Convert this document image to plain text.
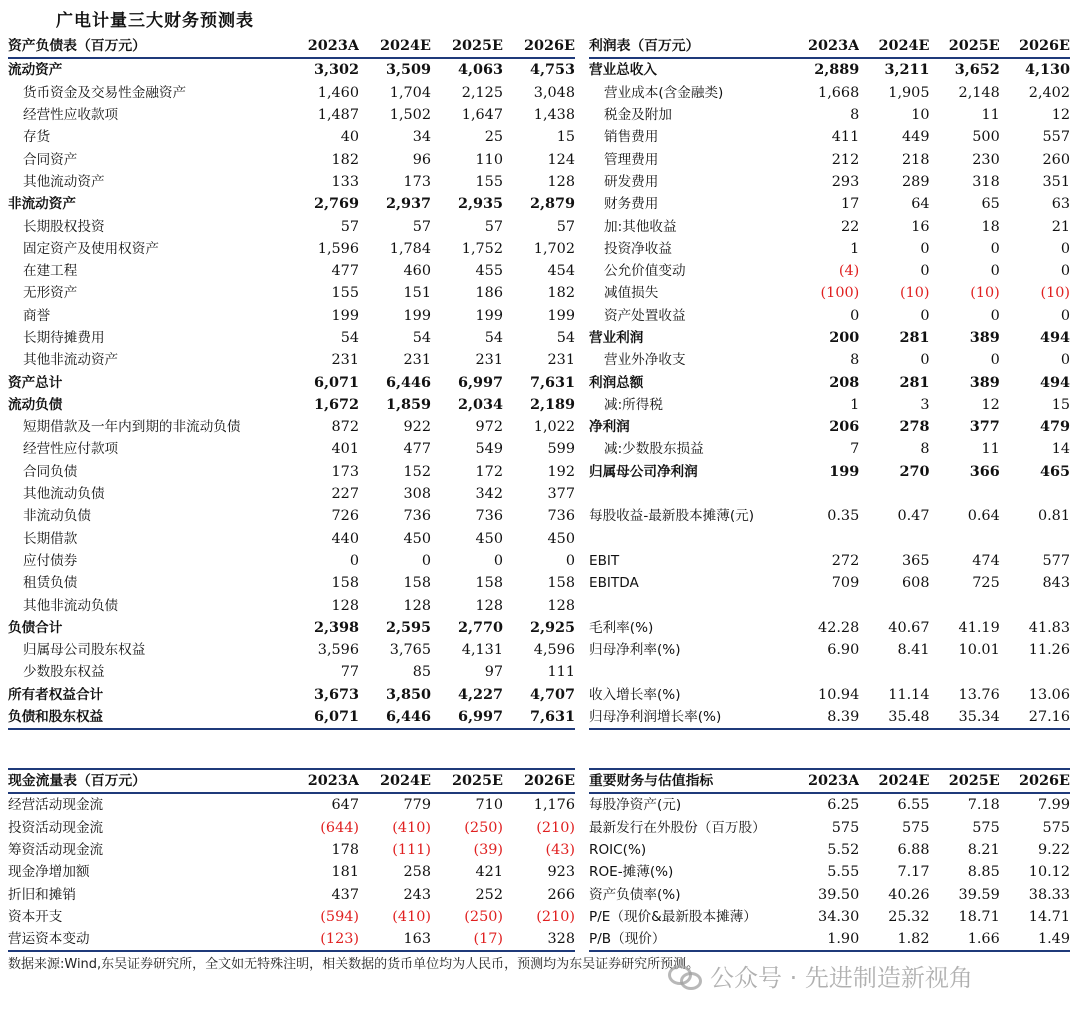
广电计量三大财务预测表
资产负债表（百万元）	2023A	2024E	2025E	2026E
流动资产	3,302	3,509	4,063	4,753
货币资金及交易性金融资产	1,460	1,704	2,125	3,048
经营性应收款项	1,487	1,502	1,647	1,438
存货	40	34	25	15
合同资产	182	96	110	124
其他流动资产	133	173	155	128
非流动资产	2,769	2,937	2,935	2,879
长期股权投资	57	57	57	57
固定资产及使用权资产	1,596	1,784	1,752	1,702
在建工程	477	460	455	454
无形资产	155	151	186	182
商誉	199	199	199	199
长期待摊费用	54	54	54	54
其他非流动资产	231	231	231	231
资产总计	6,071	6,446	6,997	7,631
流动负债	1,672	1,859	2,034	2,189
短期借款及一年内到期的非流动负债	872	922	972	1,022
经营性应付款项	401	477	549	599
合同负债	173	152	172	192
其他流动负债	227	308	342	377
非流动负债	726	736	736	736
长期借款	440	450	450	450
应付债券	0	0	0	0
租赁负债	158	158	158	158
其他非流动负债	128	128	128	128
负债合计	2,398	2,595	2,770	2,925
归属母公司股东权益	3,596	3,765	4,131	4,596
少数股东权益	77	85	97	111
所有者权益合计	3,673	3,850	4,227	4,707
负债和股东权益	6,071	6,446	6,997	7,631
利润表（百万元）	2023A	2024E	2025E	2026E
营业总收入	2,889	3,211	3,652	4,130
营业成本(含金融类)	1,668	1,905	2,148	2,402
税金及附加	8	10	11	12
销售费用	411	449	500	557
管理费用	212	218	230	260
研发费用	293	289	318	351
财务费用	17	64	65	63
加:其他收益	22	16	18	21
投资净收益	1	0	0	0
公允价值变动	(4)	0	0	0
减值损失	(100)	(10)	(10)	(10)
资产处置收益	0	0	0	0
营业利润	200	281	389	494
营业外净收支	8	0	0	0
利润总额	208	281	389	494
减:所得税	1	3	12	15
净利润	206	278	377	479
减:少数股东损益	7	8	11	14
归属母公司净利润	199	270	366	465

每股收益-最新股本摊薄(元)	0.35	0.47	0.64	0.81

EBIT	272	365	474	577
EBITDA	709	608	725	843

毛利率(%)	42.28	40.67	41.19	41.83
归母净利率(%)	6.90	8.41	10.01	11.26

收入增长率(%)	10.94	11.14	13.76	13.06
归母净利润增长率(%)	8.39	35.48	35.34	27.16
现金流量表（百万元）	2023A	2024E	2025E	2026E
经营活动现金流	647	779	710	1,176
投资活动现金流	(644)	(410)	(250)	(210)
筹资活动现金流	178	(111)	(39)	(43)
现金净增加额	181	258	421	923
折旧和摊销	437	243	252	266
资本开支	(594)	(410)	(250)	(210)
营运资本变动	(123)	163	(17)	328
重要财务与估值指标	2023A	2024E	2025E	2026E
每股净资产(元)	6.25	6.55	7.18	7.99
最新发行在外股份（百万股）	575	575	575	575
ROIC(%)	5.52	6.88	8.21	9.22
ROE-摊薄(%)	5.55	7.17	8.85	10.12
资产负债率(%)	39.50	40.26	39.59	38.33
P/E（现价&最新股本摊薄）	34.30	25.32	18.71	14.71
P/B（现价）	1.90	1.82	1.66	1.49
数据来源:Wind,东吴证券研究所，全文如无特殊注明，相关数据的货币单位均为人民币，预测均为东吴证券研究所预测。 公众号 · 先进制造新视角
